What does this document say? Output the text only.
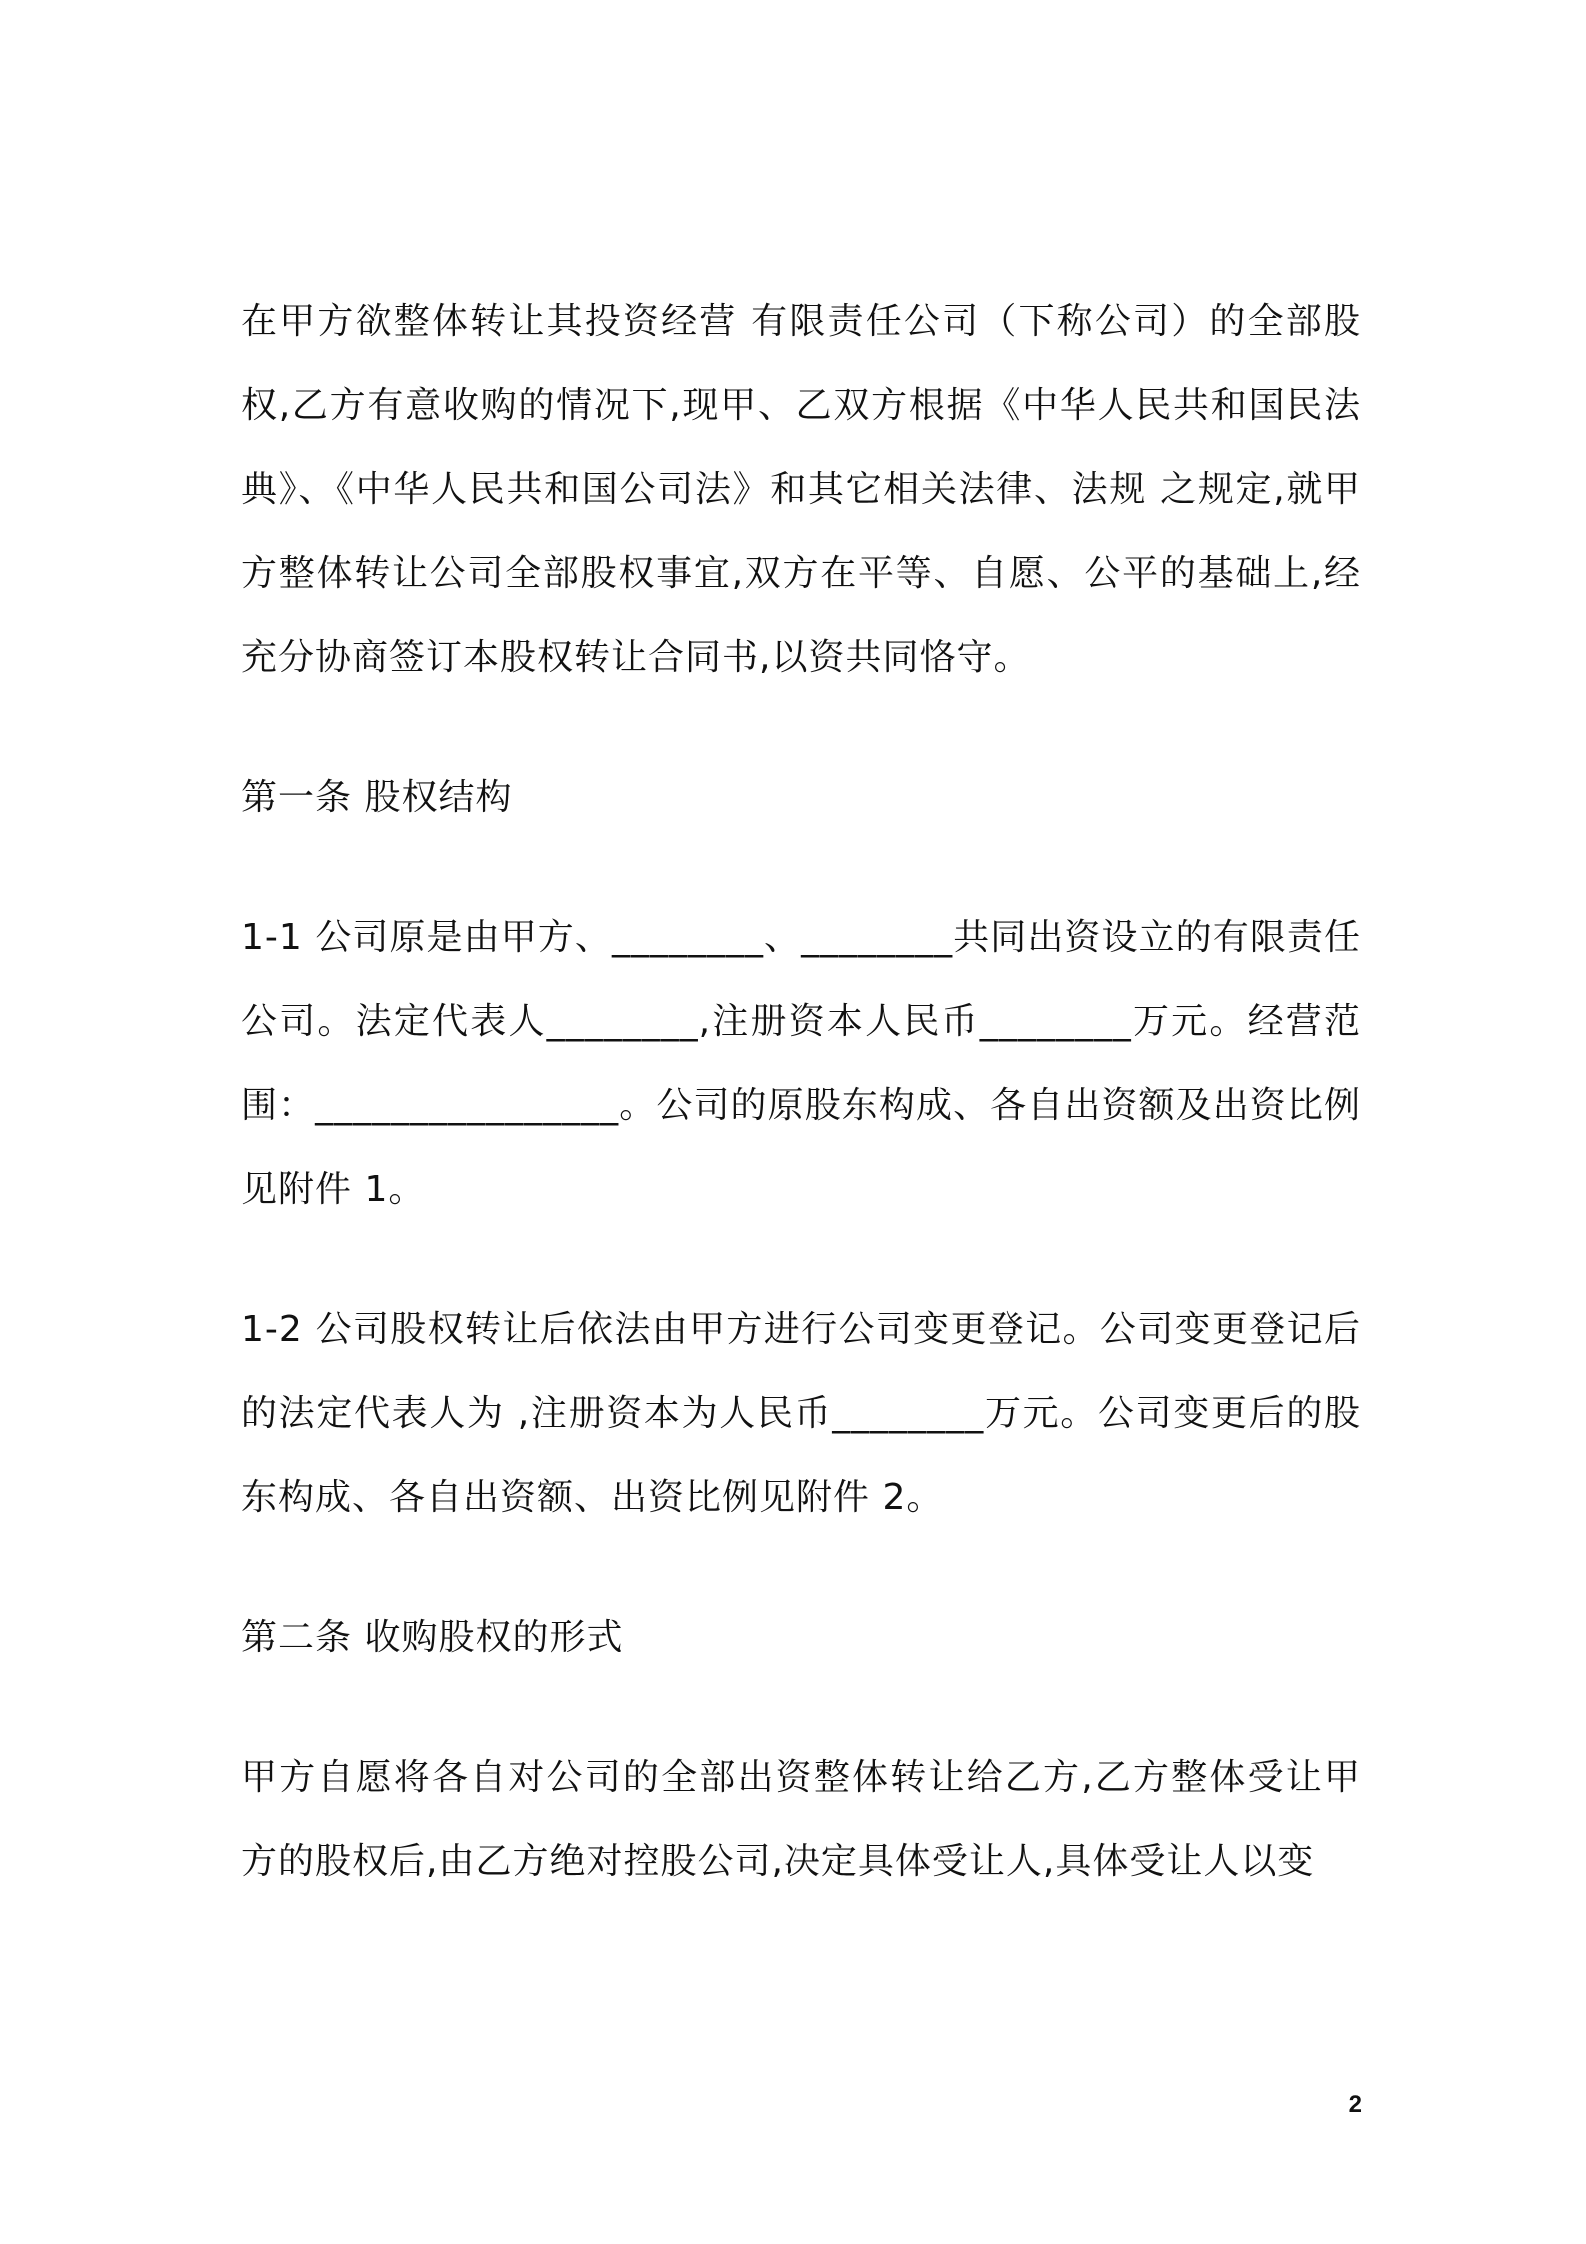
在甲方欲整体转让其投资经营 有限责任公司（下称公司）的全部股权,乙方有意收购的情况下,现甲、乙双方根据《中华人民共和国民法典》、《中华人民共和国公司法》和其它相关法律、法规 之规定,就甲方整体转让公司全部股权事宜,双方在平等、自愿、公平的基础上,经充分协商签订本股权转让合同书,以资共同恪守。

第一条 股权结构

1-1 公司原是由甲方、________、________共同出资设立的有限责任公司。法定代表人________,注册资本人民币________万元。经营范围：________________。公司的原股东构成、各自出资额及出资比例见附件 1。

1-2 公司股权转让后依法由甲方进行公司变更登记。公司变更登记后的法定代表人为 ,注册资本为人民币________万元。公司变更后的股东构成、各自出资额、出资比例见附件 2。

第二条 收购股权的形式

甲方自愿将各自对公司的全部出资整体转让给乙方,乙方整体受让甲方的股权后,由乙方绝对控股公司,决定具体受让人,具体受让人以变

2
